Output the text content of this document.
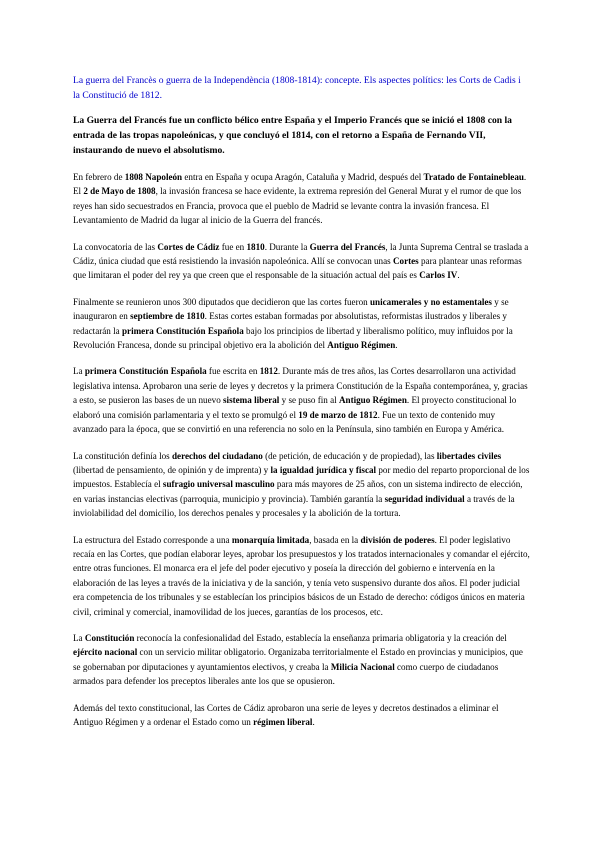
La guerra del Francès o guerra de la Independència (1808-1814): concepte. Els aspectes polítics: les Corts de Cadis i la Constitució de 1812.
La Guerra del Francés fue un conflicto bélico entre España y el Imperio Francés que se inició el 1808 con la entrada de las tropas napoleónicas, y que concluyó el 1814, con el retorno a España de Fernando VII, instaurando de nuevo el absolutismo.

En febrero de 1808 Napoleón entra en España y ocupa Aragón, Cataluña y Madrid, después del Tratado de Fontainebleau. El 2 de Mayo de 1808, la invasión francesa se hace evidente, la extrema represión del General Murat y el rumor de que los reyes han sido secuestrados en Francia, provoca que el pueblo de Madrid se levante contra la invasión francesa. El Levantamiento de Madrid da lugar al inicio de la Guerra del francés.

La convocatoria de las Cortes de Cádiz fue en 1810. Durante la Guerra del Francés, la Junta Suprema Central se traslada a Cádiz, única ciudad que está resistiendo la invasión napoleónica. Allí se convocan unas Cortes para plantear unas reformas que limitaran el poder del rey ya que creen que el responsable de la situación actual del país es Carlos IV.

Finalmente se reunieron unos 300 diputados que decidieron que las cortes fueron unicamerales y no estamentales y se inauguraron en septiembre de 1810. Estas cortes estaban formadas por absolutistas, reformistas ilustrados y liberales y redactarán la primera Constitución Española bajo los principios de libertad y liberalismo político, muy influidos por la Revolución Francesa, donde su principal objetivo era la abolición del Antiguo Régimen.

La primera Constitución Española fue escrita en 1812. Durante más de tres años, las Cortes desarrollaron una actividad legislativa intensa. Aprobaron una serie de leyes y decretos y la primera Constitución de la España contemporánea, y, gracias a esto, se pusieron las bases de un nuevo sistema liberal y se puso fin al Antiguo Régimen. El proyecto constitucional lo elaboró una comisión parlamentaria y el texto se promulgó el 19 de marzo de 1812. Fue un texto de contenido muy avanzado para la época, que se convirtió en una referencia no solo en la Península, sino también en Europa y América.

La constitución definía los derechos del ciudadano (de petición, de educación y de propiedad), las libertades civiles (libertad de pensamiento, de opinión y de imprenta) y la igualdad jurídica y fiscal por medio del reparto proporcional de los impuestos. Establecía el sufragio universal masculino para más mayores de 25 años, con un sistema indirecto de elección, en varias instancias electivas (parroquia, municipio y provincia). También garantía la seguridad individual a través de la inviolabilidad del domicilio, los derechos penales y procesales y la abolición de la tortura.

La estructura del Estado corresponde a una monarquía limitada, basada en la división de poderes. El poder legislativo recaía en las Cortes, que podían elaborar leyes, aprobar los presupuestos y los tratados internacionales y comandar el ejército, entre otras funciones. El monarca era el jefe del poder ejecutivo y poseía la dirección del gobierno e intervenía en la elaboración de las leyes a través de la iniciativa y de la sanción, y tenía veto suspensivo durante dos años. El poder judicial era competencia de los tribunales y se establecían los principios básicos de un Estado de derecho: códigos únicos en materia civil, criminal y comercial, inamovilidad de los jueces, garantías de los procesos, etc.

La Constitución reconocía la confesionalidad del Estado, establecía la enseñanza primaria obligatoria y la creación del ejército nacional con un servicio militar obligatorio. Organizaba territorialmente el Estado en provincias y municipios, que se gobernaban por diputaciones y ayuntamientos electivos, y creaba la Milicia Nacional como cuerpo de ciudadanos armados para defender los preceptos liberales ante los que se opusieron.

Además del texto constitucional, las Cortes de Cádiz aprobaron una serie de leyes y decretos destinados a eliminar el Antiguo Régimen y a ordenar el Estado como un régimen liberal.
